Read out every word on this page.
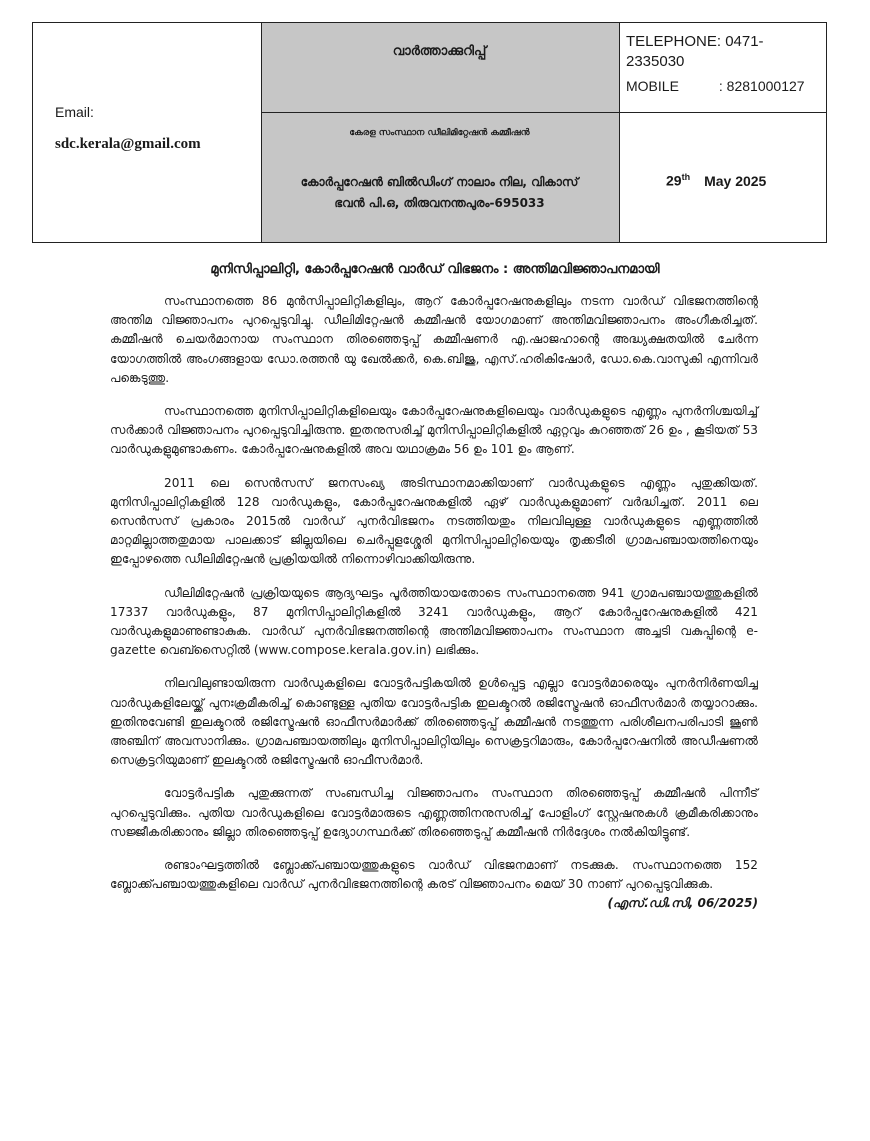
Email:
sdc.kerala@gmail.com
വാർത്താക്കുറിപ്പ്
TELEPHONE: 0471-2335030
MOBILE	: 8281000127
കേരള സംസ്ഥാന ഡീലിമിറ്റേഷൻ കമ്മീഷൻ
കോർപ്പറേഷൻ ബിൽഡിംഗ് നാലാം നില, വികാസ്
ഭവൻ പി.ഒ, തിരുവനന്തപുരം-695033
29th May 2025
മുനിസിപ്പാലിറ്റി, കോർപ്പറേഷൻ വാർഡ് വിഭജനം : അന്തിമവിജ്ഞാപനമായി

സംസ്ഥാനത്തെ 86 മുൻസിപ്പാലിറ്റികളിലും, ആറ് കോർപ്പറേഷനുകളിലും നടന്ന വാർഡ് വിഭജനത്തിന്റെ അന്തിമ വിജ്ഞാപനം പുറപ്പെടുവിച്ചു. ഡീലിമിറ്റേഷൻ കമ്മീഷൻ യോഗമാണ് അന്തിമവിജ്ഞാപനം അംഗീകരിച്ചത്. കമ്മീഷൻ ചെയർമാനായ സംസ്ഥാന തിരഞ്ഞെടുപ്പ് കമ്മീഷണർ എ.ഷാജഹാന്റെ അദ്ധ്യക്ഷതയിൽ ചേർന്ന യോഗത്തിൽ അംഗങ്ങളായ ഡോ.രത്തൻ യു ഖേൽക്കർ, കെ.ബിജു, എസ്.ഹരികിഷോർ, ഡോ.കെ.വാസുകി എന്നിവർ പങ്കെടുത്തു.

സംസ്ഥാനത്തെ മുനിസിപ്പാലിറ്റികളിലെയും കോർപ്പറേഷനുകളിലെയും വാർഡുകളുടെ എണ്ണം പുനർനിശ്ചയിച്ച് സർക്കാർ വിജ്ഞാപനം പുറപ്പെടുവിച്ചിരുന്നു. ഇതനുസരിച്ച് മുനിസിപ്പാലിറ്റികളിൽ ഏറ്റവും കുറഞ്ഞത് 26 ഉം , കൂടിയത് 53 വാർഡുകളുമുണ്ടാകണം. കോർപ്പറേഷനുകളിൽ അവ യഥാക്രമം 56 ഉം 101 ഉം ആണ്.

2011 ലെ സെൻസസ് ജനസംഖ്യ അടിസ്ഥാനമാക്കിയാണ് വാർഡുകളുടെ എണ്ണം പുതുക്കിയത്. മുനിസിപ്പാലിറ്റികളിൽ 128 വാർഡുകളും, കോർപ്പറേഷനുകളിൽ ഏഴ് വാർഡുകളുമാണ് വർദ്ധിച്ചത്. 2011 ലെ സെൻസസ് പ്രകാരം 2015ൽ വാർഡ് പുനർവിഭജനം നടത്തിയതും നിലവിലുള്ള വാർഡുകളുടെ എണ്ണത്തിൽ മാറ്റമില്ലാത്തതുമായ പാലക്കാട് ജില്ലയിലെ ചെർപ്പുളശ്ശേരി മുനിസിപ്പാലിറ്റിയെയും തൃക്കടീരി ഗ്രാമപഞ്ചായത്തിനെയും ഇപ്പോഴത്തെ ഡീലിമിറ്റേഷൻ പ്രക്രിയയിൽ നിന്നൊഴിവാക്കിയിരുന്നു.

ഡീലിമിറ്റേഷൻ പ്രക്രിയയുടെ ആദ്യഘട്ടം പൂർത്തിയായതോടെ സംസ്ഥാനത്തെ 941 ഗ്രാമപഞ്ചായത്തുകളിൽ 17337 വാർഡുകളും, 87 മുനിസിപ്പാലിറ്റികളിൽ 3241 വാർഡുകളും, ആറ് കോർപ്പറേഷനുകളിൽ 421 വാർഡുകളുമാണുണ്ടാകുക. വാർഡ് പുനർവിഭജനത്തിന്റെ അന്തിമവിജ്ഞാപനം സംസ്ഥാന അച്ചടി വകുപ്പിന്റെ e- gazette വെബ്സൈറ്റിൽ (www.compose.kerala.gov.in) ലഭിക്കും.

നിലവിലുണ്ടായിരുന്ന വാർഡുകളിലെ വോട്ടർപട്ടികയിൽ ഉൾപ്പെട്ട എല്ലാ വോട്ടർമാരെയും പുനർനിർണയിച്ച വാർഡുകളിലേയ്ക്ക് പുനഃക്രമീകരിച്ച് കൊണ്ടുള്ള പുതിയ വോട്ടർപട്ടിക ഇലക്ടറൽ രജിസ്ട്രേഷൻ ഓഫീസർമാർ തയ്യാറാക്കും. ഇതിനുവേണ്ടി ഇലക്ടറൽ രജിസ്ട്രേഷൻ ഓഫീസർമാർക്ക് തിരഞ്ഞെടുപ്പ് കമ്മീഷൻ നടത്തുന്ന പരിശീലനപരിപാടി ജൂൺ അഞ്ചിന് അവസാനിക്കും. ഗ്രാമപഞ്ചായത്തിലും മുനിസിപ്പാലിറ്റിയിലും സെക്രട്ടറിമാരും, കോർപ്പറേഷനിൽ അഡീഷണൽ സെക്രട്ടറിയുമാണ് ഇലക്ടറൽ രജിസ്ട്രേഷൻ ഓഫീസർമാർ.

വോട്ടർപട്ടിക പുതുക്കുന്നത് സംബന്ധിച്ച വിജ്ഞാപനം സംസ്ഥാന തിരഞ്ഞെടുപ്പ് കമ്മീഷൻ പിന്നീട് പുറപ്പെടുവിക്കും. പുതിയ വാർഡുകളിലെ വോട്ടർമാരുടെ എണ്ണത്തിനനുസരിച്ച് പോളിംഗ് സ്റ്റേഷനുകൾ ക്രമീകരിക്കാനും സജ്ജീകരിക്കാനും ജില്ലാ തിരഞ്ഞെടുപ്പ് ഉദ്യോഗസ്ഥർക്ക് തിരഞ്ഞെടുപ്പ് കമ്മീഷൻ നിർദ്ദേശം നൽകിയിട്ടുണ്ട്.

രണ്ടാംഘട്ടത്തിൽ ബ്ലോക്ക്പഞ്ചായത്തുകളുടെ വാർഡ് വിഭജനമാണ് നടക്കുക. സംസ്ഥാനത്തെ 152 ബ്ലോക്ക്പഞ്ചായത്തുകളിലെ വാർഡ് പുനർവിഭജനത്തിന്റെ കരട് വിജ്ഞാപനം മെയ് 30 നാണ് പുറപ്പെടുവിക്കുക.
(എസ്.ഡി.സി, 06/2025)
